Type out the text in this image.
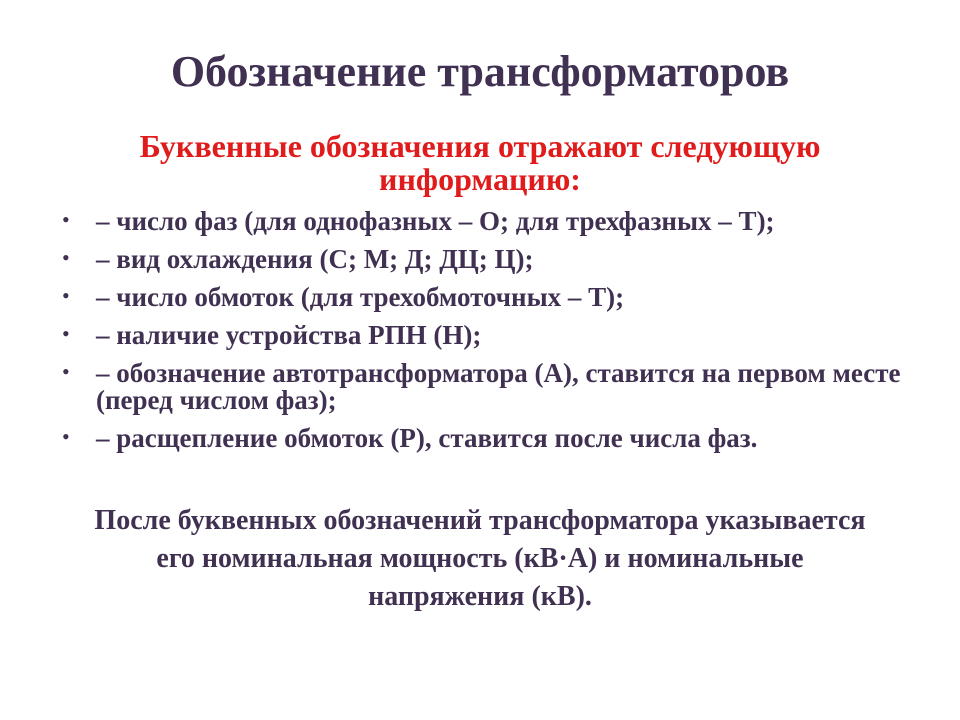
Обозначение трансформаторов

Буквенные обозначения отражают следующую информацию:

• – число фаз (для однофазных – О; для трехфазных – Т);
• – вид охлаждения (С; М; Д; ДЦ; Ц);
• – число обмоток (для трехобмоточных – Т);
• – наличие устройства РПН (Н);
• – обозначение автотрансформатора (А), ставится на первом месте (перед числом фаз);
• – расщепление обмоток (Р), ставится после числа фаз.

После буквенных обозначений трансформатора указывается его номинальная мощность (кВ·А) и номинальные напряжения (кВ).
